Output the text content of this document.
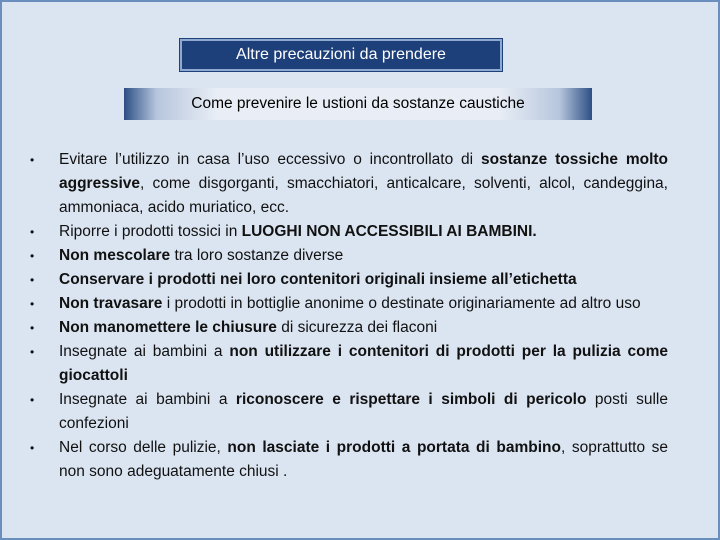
Altre precauzioni da prendere
Come prevenire le ustioni da sostanze caustiche
• Evitare l’utilizzo in casa l’uso eccessivo o incontrollato di sostanze tossiche molto aggressive, come disgorganti, smacchiatori, anticalcare, solventi, alcol, candeggina, ammoniaca, acido muriatico, ecc.
• Riporre i prodotti tossici in LUOGHI NON ACCESSIBILI AI BAMBINI.
• Non mescolare tra loro sostanze diverse
• Conservare i prodotti nei loro contenitori originali insieme all’etichetta
• Non travasare i prodotti in bottiglie anonime o destinate originariamente ad altro uso
• Non manomettere le chiusure di sicurezza dei flaconi
• Insegnate ai bambini a non utilizzare i contenitori di prodotti per la pulizia come giocattoli
• Insegnate ai bambini a riconoscere e rispettare i simboli di pericolo posti sulle confezioni
• Nel corso delle pulizie, non lasciate i prodotti a portata di bambino, soprattutto se non sono adeguatamente chiusi .
